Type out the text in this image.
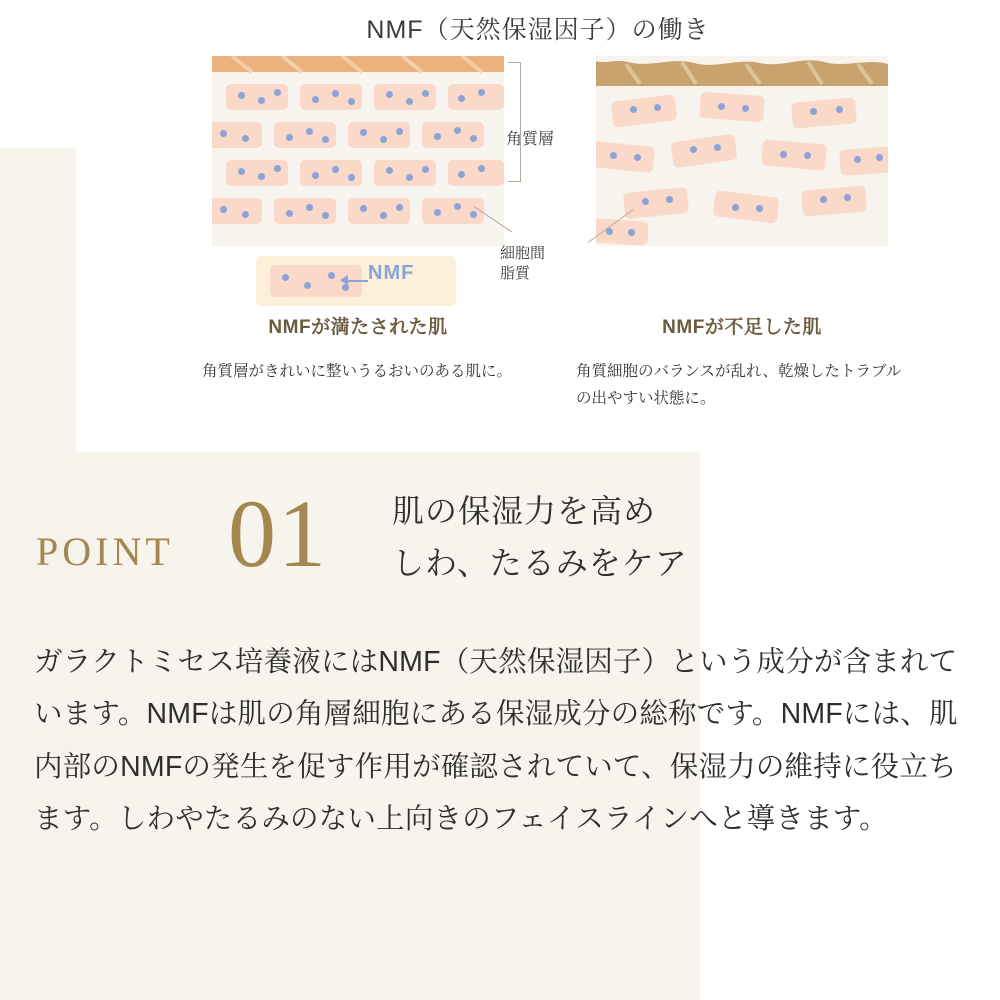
NMF（天然保湿因子）の働き
角質層
細胞間
脂質
NMF
NMFが満たされた肌	NMFが不足した肌
角質層がきれいに整いうるおいのある肌に。	角質細胞のバランスが乱れ、乾燥したトラブルの出やすい状態に。
POINT 01 肌の保湿力を高め
しわ、たるみをケア
ガラクトミセス培養液にはNMF（天然保湿因子）という成分が含まれています。NMFは肌の角層細胞にある保湿成分の総称です。NMFには、肌内部のNMFの発生を促す作用が確認されていて、保湿力の維持に役立ちます。しわやたるみのない上向きのフェイスラインへと導きます。
